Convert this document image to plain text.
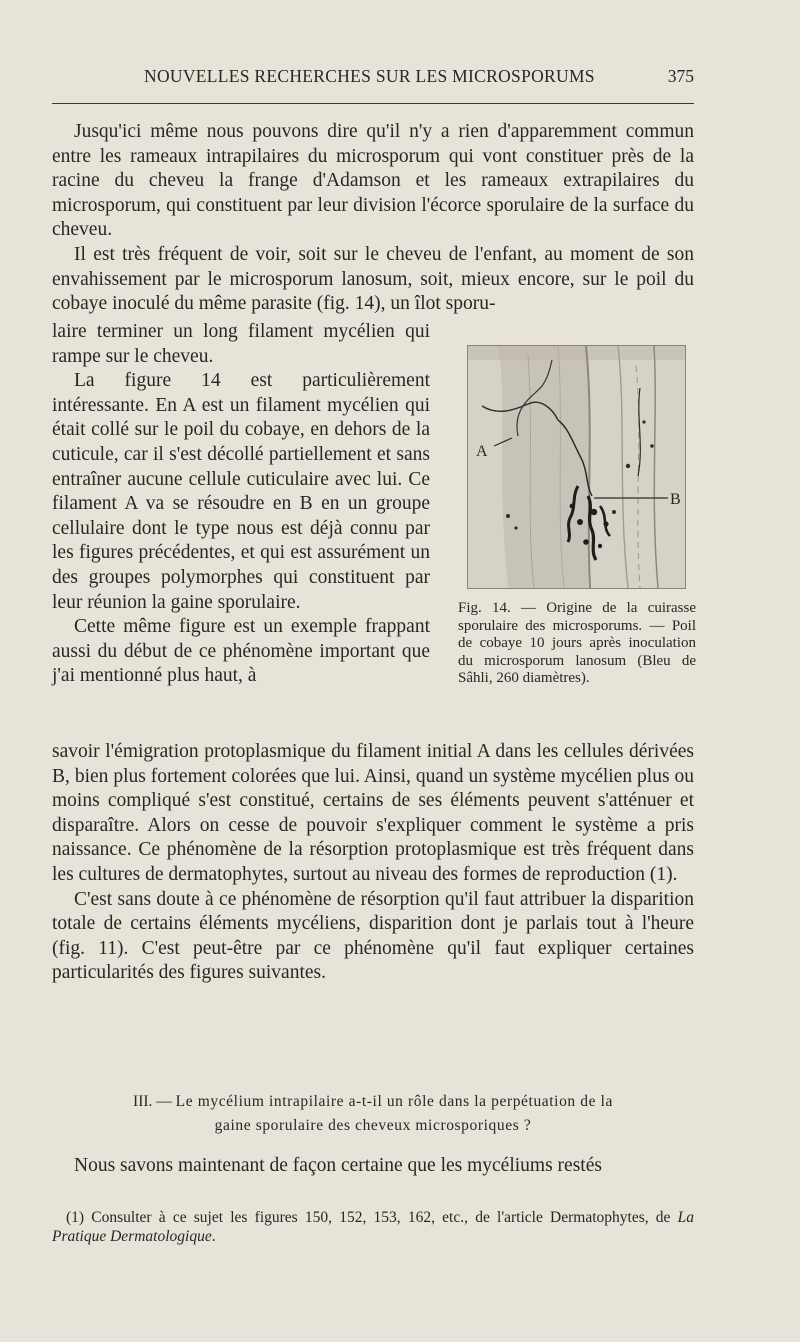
NOUVELLES RECHERCHES SUR LES MICROSPORUMS	375

Jusqu'ici même nous pouvons dire qu'il n'y a rien d'apparemment commun entre les rameaux intrapilaires du microsporum qui vont constituer près de la racine du cheveu la frange d'Adamson et les rameaux extrapilaires du microsporum, qui constituent par leur division l'écorce sporulaire de la surface du cheveu.

Il est très fréquent de voir, soit sur le cheveu de l'enfant, au moment de son envahissement par le microsporum lanosum, soit, mieux encore, sur le poil du cobaye inoculé du même parasite (fig. 14), un îlot sporu-

laire terminer un long filament mycélien qui rampe sur le cheveu.

La figure 14 est particulièrement intéressante. En A est un filament mycélien qui était collé sur le poil du cobaye, en dehors de la cuticule, car il s'est décollé partiellement et sans entraîner aucune cellule cuticulaire avec lui. Ce filament A va se résoudre en B en un groupe cellulaire dont le type nous est déjà connu par les figures précédentes, et qui est assurément un des groupes polymorphes qui constituent par leur réunion la gaine sporulaire.

Cette même figure est un exemple frappant aussi du début de ce phénomène important que j'ai mentionné plus haut, à

A
B
Fig. 14. — Origine de la cuirasse sporulaire des microsporums. — Poil de cobaye 10 jours après inoculation du microsporum lanosum (Bleu de Sâhli, 260 diamètres).

savoir l'émigration protoplasmique du filament initial A dans les cellules dérivées B, bien plus fortement colorées que lui. Ainsi, quand un système mycélien plus ou moins compliqué s'est constitué, certains de ses éléments peuvent s'atténuer et disparaître. Alors on cesse de pouvoir s'expliquer comment le système a pris naissance. Ce phénomène de la résorption protoplasmique est très fréquent dans les cultures de dermatophytes, surtout au niveau des formes de reproduction (1).

C'est sans doute à ce phénomène de résorption qu'il faut attribuer la disparition totale de certains éléments mycéliens, disparition dont je parlais tout à l'heure (fig. 11). C'est peut-être par ce phénomène qu'il faut expliquer certaines particularités des figures suivantes.

III. — Le mycélium intrapilaire a-t-il un rôle dans la perpétuation de la
gaine sporulaire des cheveux microsporiques ?

Nous savons maintenant de façon certaine que les mycéliums restés

(1) Consulter à ce sujet les figures 150, 152, 153, 162, etc., de l'article Dermatophytes, de La Pratique Dermatologique.
